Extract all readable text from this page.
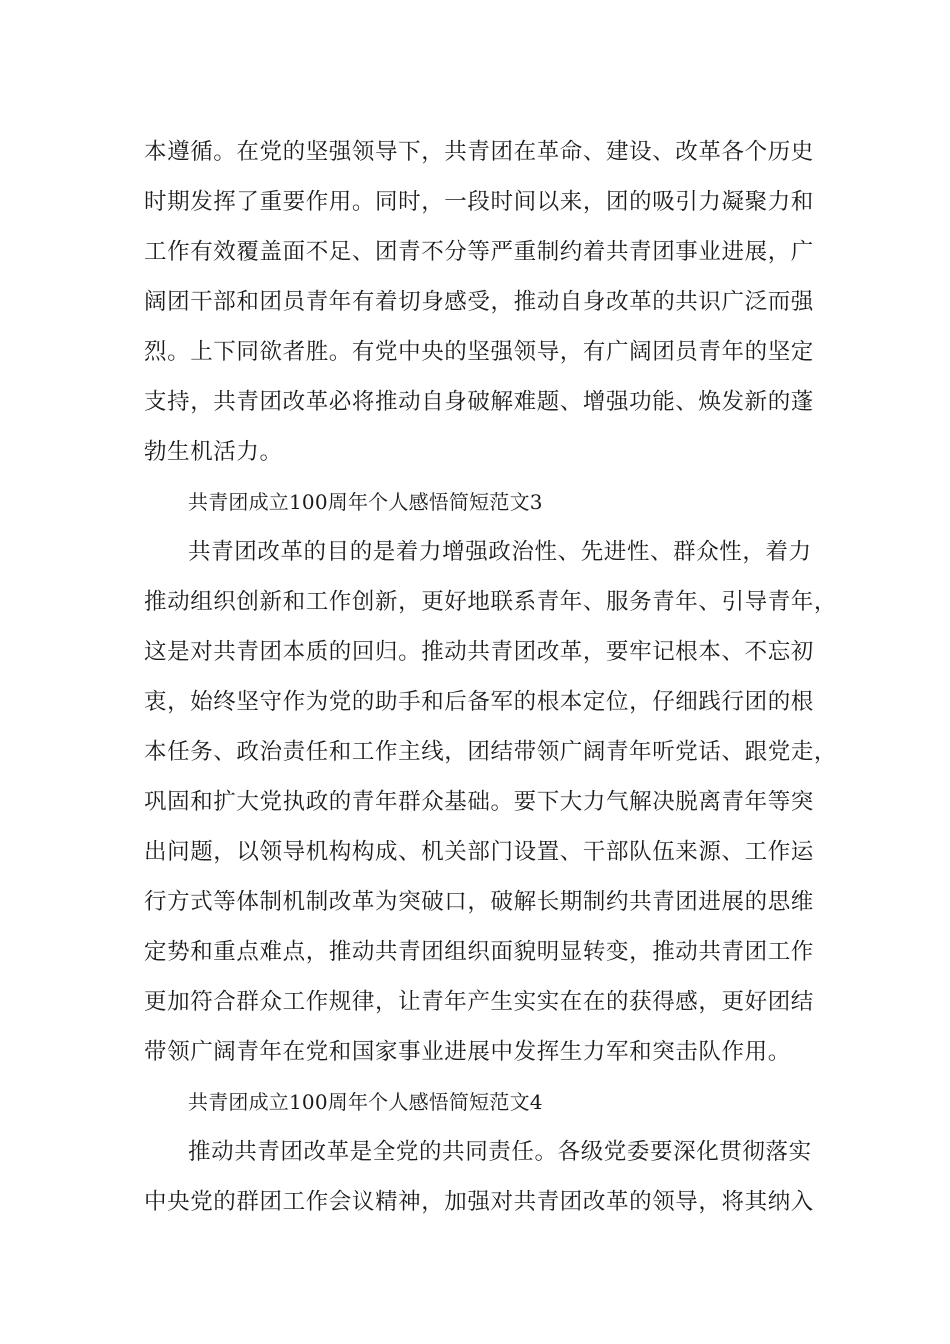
本遵循。在党的坚强领导下，共青团在革命、建设、改革各个历史
时期发挥了重要作用。同时，一段时间以来，团的吸引力凝聚力和
工作有效覆盖面不足、团青不分等严重制约着共青团事业进展，广
阔团干部和团员青年有着切身感受，推动自身改革的共识广泛而强
烈。上下同欲者胜。有党中央的坚强领导，有广阔团员青年的坚定
支持，共青团改革必将推动自身破解难题、增强功能、焕发新的蓬
勃生机活力。
共青团成立100周年个人感悟简短范文3
共青团改革的目的是着力增强政治性、先进性、群众性，着力
推动组织创新和工作创新，更好地联系青年、服务青年、引导青年，
这是对共青团本质的回归。推动共青团改革，要牢记根本、不忘初
衷，始终坚守作为党的助手和后备军的根本定位，仔细践行团的根
本任务、政治责任和工作主线，团结带领广阔青年听党话、跟党走，
巩固和扩大党执政的青年群众基础。要下大力气解决脱离青年等突
出问题，以领导机构构成、机关部门设置、干部队伍来源、工作运
行方式等体制机制改革为突破口，破解长期制约共青团进展的思维
定势和重点难点，推动共青团组织面貌明显转变，推动共青团工作
更加符合群众工作规律，让青年产生实实在在的获得感，更好团结
带领广阔青年在党和国家事业进展中发挥生力军和突击队作用。
共青团成立100周年个人感悟简短范文4
推动共青团改革是全党的共同责任。各级党委要深化贯彻落实
中央党的群团工作会议精神，加强对共青团改革的领导，将其纳入
